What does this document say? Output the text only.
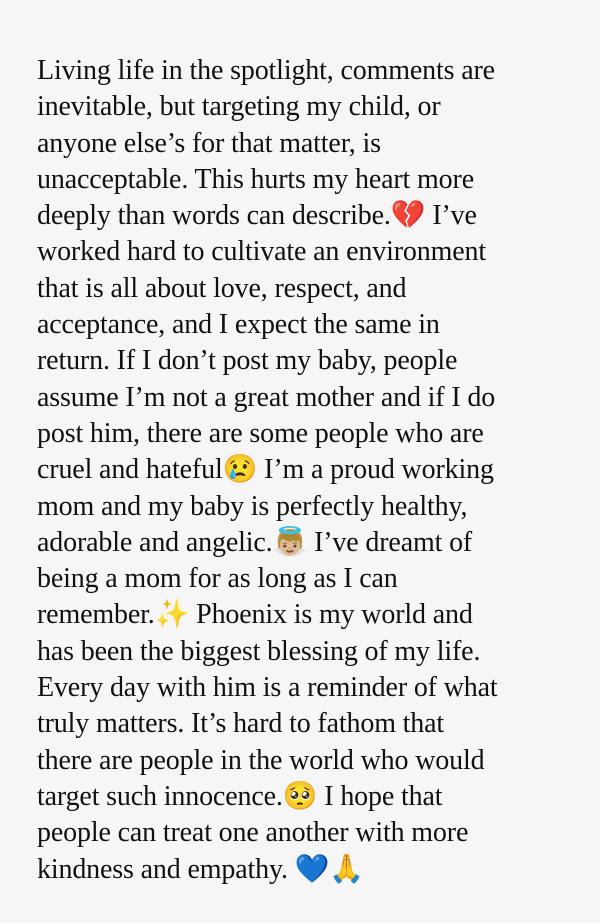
Living life in the spotlight, comments are
inevitable, but targeting my child, or
anyone else’s for that matter, is
unacceptable. This hurts my heart more
deeply than words can describe.💔 I’ve
worked hard to cultivate an environment
that is all about love, respect, and
acceptance, and I expect the same in
return. If I don’t post my baby, people
assume I’m not a great mother and if I do
post him, there are some people who are
cruel and hateful😢 I’m a proud working
mom and my baby is perfectly healthy,
adorable and angelic.👼🏼 I’ve dreamt of
being a mom for as long as I can
remember.✨ Phoenix is my world and
has been the biggest blessing of my life.
Every day with him is a reminder of what
truly matters. It’s hard to fathom that
there are people in the world who would
target such innocence.🥺 I hope that
people can treat one another with more
kindness and empathy. 💙🙏
